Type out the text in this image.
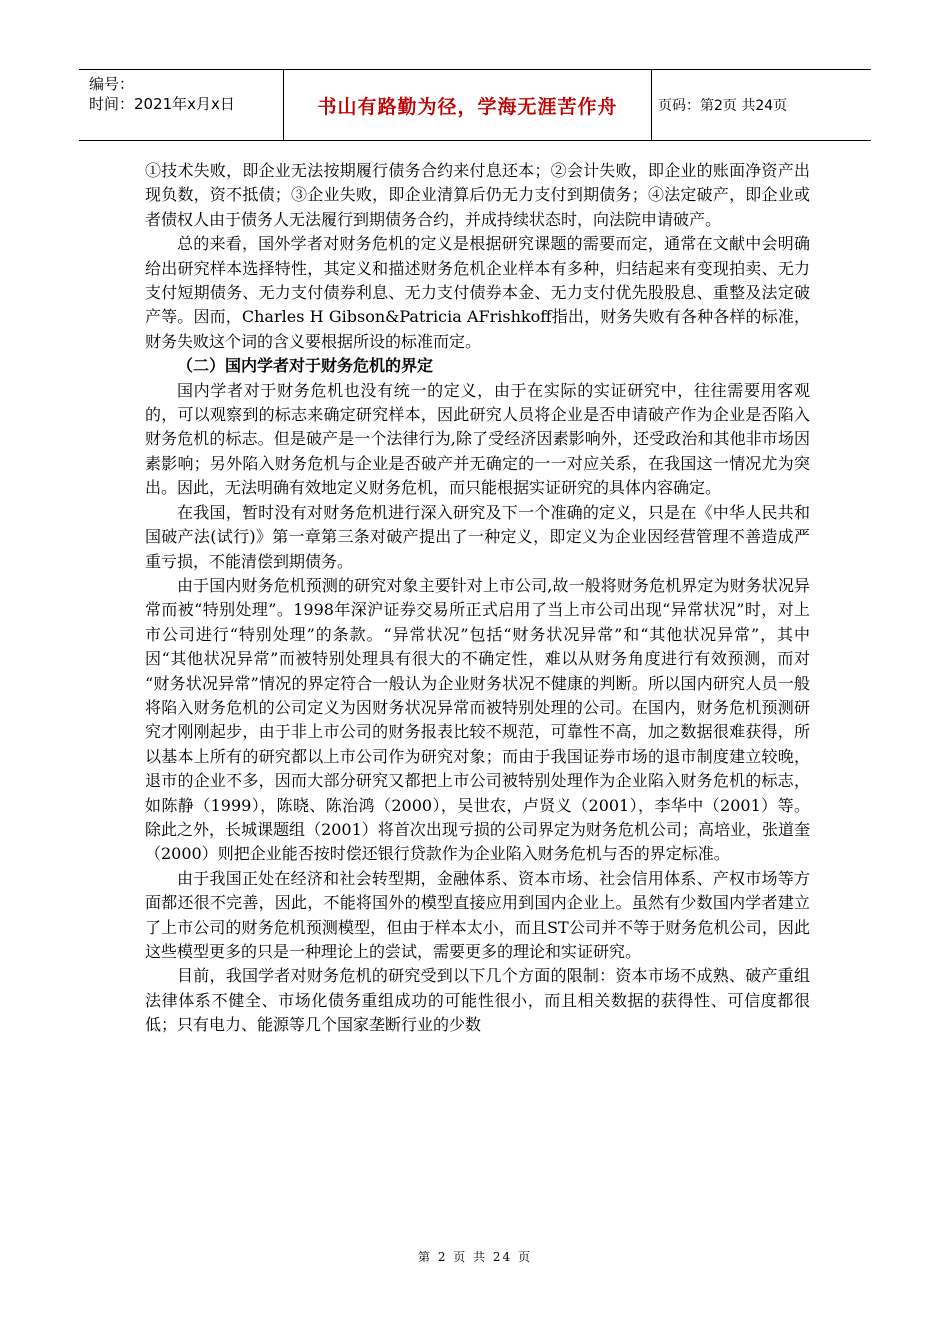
编号：
时间：2021年x月x日	书山有路勤为径，学海无涯苦作舟	页码：第2页 共24页

①技术失败，即企业无法按期履行债务合约来付息还本；②会计失败，即企业的账面净资产出现负数，资不抵债；③企业失败，即企业清算后仍无力支付到期债务；④法定破产，即企业或者债权人由于债务人无法履行到期债务合约，并成持续状态时，向法院申请破产。

总的来看，国外学者对财务危机的定义是根据研究课题的需要而定，通常在文献中会明确给出研究样本选择特性，其定义和描述财务危机企业样本有多种，归结起来有变现拍卖、无力支付短期债务、无力支付债券利息、无力支付债券本金、无力支付优先股股息、重整及法定破产等。因而，Charles H Gibson&Patricia AFrishkoff指出，财务失败有各种各样的标准，财务失败这个词的含义要根据所设的标准而定。

（二）国内学者对于财务危机的界定

国内学者对于财务危机也没有统一的定义，由于在实际的实证研究中，往往需要用客观的，可以观察到的标志来确定研究样本，因此研究人员将企业是否申请破产作为企业是否陷入财务危机的标志。但是破产是一个法律行为,除了受经济因素影响外，还受政治和其他非市场因素影响；另外陷入财务危机与企业是否破产并无确定的一一对应关系，在我国这一情况尤为突出。因此，无法明确有效地定义财务危机，而只能根据实证研究的具体内容确定。

在我国，暂时没有对财务危机进行深入研究及下一个准确的定义，只是在《中华人民共和国破产法(试行)》第一章第三条对破产提出了一种定义，即定义为企业因经营管理不善造成严重亏损，不能清偿到期债务。

由于国内财务危机预测的研究对象主要针对上市公司,故一般将财务危机界定为财务状况异常而被“特别处理”。1998年深沪证券交易所正式启用了当上市公司出现“异常状况”时，对上市公司进行“特别处理”的条款。“异常状况”包括“财务状况异常”和“其他状况异常”，其中因“其他状况异常”而被特别处理具有很大的不确定性，难以从财务角度进行有效预测，而对 “财务状况异常”情况的界定符合一般认为企业财务状况不健康的判断。所以国内研究人员一般将陷入财务危机的公司定义为因财务状况异常而被特别处理的公司。在国内，财务危机预测研究才刚刚起步，由于非上市公司的财务报表比较不规范，可靠性不高，加之数据很难获得，所以基本上所有的研究都以上市公司作为研究对象；而由于我国证券市场的退市制度建立较晚，退市的企业不多，因而大部分研究又都把上市公司被特别处理作为企业陷入财务危机的标志，如陈静（1999），陈晓、陈治鸿（2000），吴世农，卢贤义（2001），李华中（2001）等。除此之外，长城课题组（2001）将首次出现亏损的公司界定为财务危机公司；高培业，张道奎（2000）则把企业能否按时偿还银行贷款作为企业陷入财务危机与否的界定标准。

由于我国正处在经济和社会转型期，金融体系、资本市场、社会信用体系、产权市场等方面都还很不完善，因此，不能将国外的模型直接应用到国内企业上。虽然有少数国内学者建立了上市公司的财务危机预测模型，但由于样本太小，而且ST公司并不等于财务危机公司，因此这些模型更多的只是一种理论上的尝试，需要更多的理论和实证研究。

目前，我国学者对财务危机的研究受到以下几个方面的限制：资本市场不成熟、破产重组法律体系不健全、市场化债务重组成功的可能性很小，而且相关数据的获得性、可信度都很低；只有电力、能源等几个国家垄断行业的少数

第 2 页 共 24 页
